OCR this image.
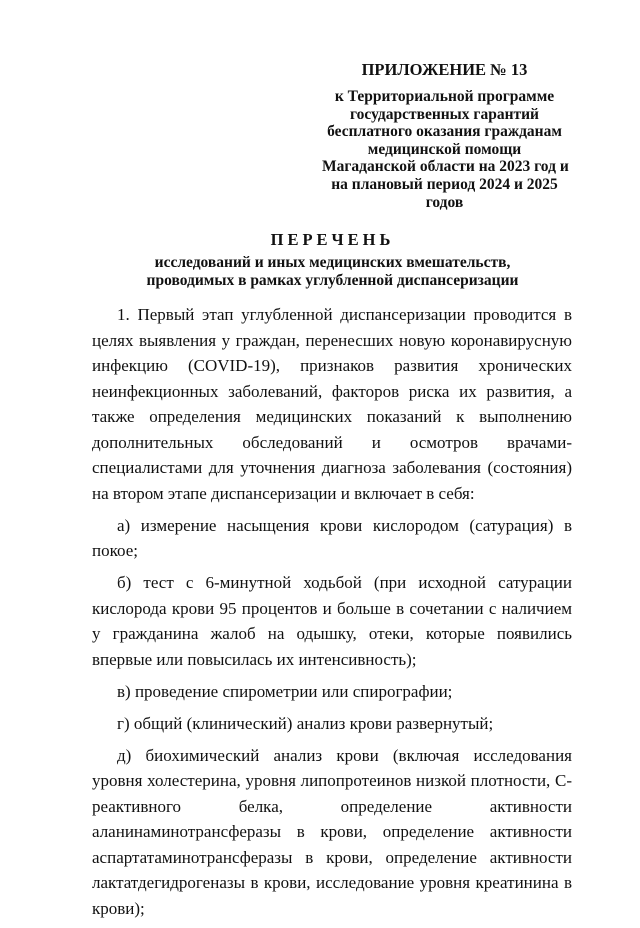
ПРИЛОЖЕНИЕ № 13
к Территориальной программе
государственных гарантий
бесплатного оказания гражданам
медицинской помощи
Магаданской области на 2023 год и
на плановый период 2024 и 2025
годов
ПЕРЕЧЕНЬ
исследований и иных медицинских вмешательств,
проводимых в рамках углубленной диспансеризации

1. Первый этап углубленной диспансеризации проводится в целях выявления у граждан, перенесших новую коронавирусную инфекцию (COVID-19), признаков развития хронических неинфекционных заболеваний, факторов риска их развития, а также определения медицинских показаний к выполнению дополнительных обследований и осмотров врачами-специалистами для уточнения диагноза заболевания (состояния) на втором этапе диспансеризации и включает в себя:

а) измерение насыщения крови кислородом (сатурация) в покое;

б) тест с 6-минутной ходьбой (при исходной сатурации кислорода крови 95 процентов и больше в сочетании с наличием у гражданина жалоб на одышку, отеки, которые появились впервые или повысилась их интенсивность);

в) проведение спирометрии или спирографии;

г) общий (клинический) анализ крови развернутый;

д) биохимический анализ крови (включая исследования уровня холестерина, уровня липопротеинов низкой плотности, С-реактивного белка, определение активности аланинаминотрансферазы в крови, определение активности аспартатаминотрансферазы в крови, определение активности лактатдегидрогеназы в крови, исследование уровня креатинина в крови);
